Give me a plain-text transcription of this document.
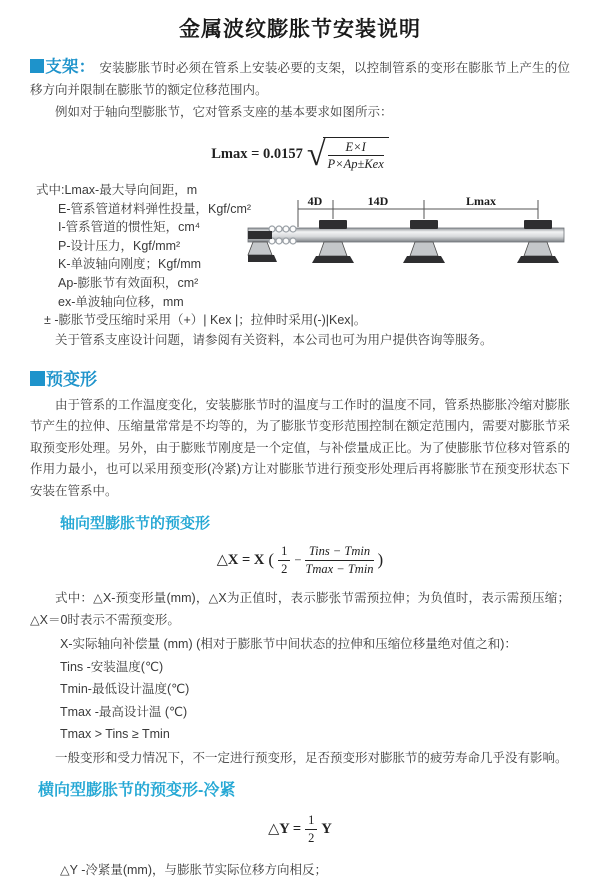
金属波纹膨胀节安装说明

支架： 安装膨胀节时必须在管系上安装必要的支架，以控制管系的变形在膨胀节上产生的位移方向并限制在膨胀节的额定位移范围内。

例如对于轴向型膨胀节，它对管系支座的基本要求如图所示：

Lmax = 0.0157 √ $\frac{E\times I}{\text{P×Ap±Kex}}$
式中:Lmax-最大导向间距，m
E-管系管道材料弹性投量，Kgf/cm²
I-管系管道的惯性矩，cm⁴
P-设计压力，Kgf/mm²
K-单波轴向刚度；Kgf/mm
Ap-膨胀节有效面积，cm²
ex-单波轴向位移，mm
± -膨胀节受压缩时采用（+）| Kex |；拉伸时采用(-)|Kex|。

关于管系支座设计问题，请参阅有关资料，本公司也可为用户提供咨询等服务。

预变形

由于管系的工作温度变化，安装膨胀节时的温度与工作时的温度不同，管系热膨胀冷缩对膨胀节产生的拉伸、压缩量常常是不均等的，为了膨胀节变形范围控制在额定范围内，需要对膨胀节采取预变形处理。另外，由于膨账节刚度是一个定值，与补偿量成正比。为了使膨胀节位移对管系的作用力最小，也可以采用预变形(冷紧)方让对膨胀节进行预变形处理后再将膨胀节在预变形状态下安装在管系中。

轴向型膨胀节的预变形
△X = X ( $\frac{1}{2} - \frac{\text{Tins − Tmin}}{Tmax - Tmin}$ )

式中：△X-预变形量(mm)，△X为正值时，表示膨张节需预拉伸；为负值时，表示需预压缩；△X＝0时表示不需预变形。

X-实际轴向补偿量 (mm) (相对于膨胀节中间状态的拉伸和压缩位移量绝对值之和)：
Tins -安装温度(℃)
Tmin-最低设计温度(℃)
Tmax -最高设计温 (℃)
Tmax > Tins ≥ Tmin
一般变形和受力情况下，不一定进行预变形，足否预变形对膨胀节的疲劳寿命几乎没有影响。
横向型膨胀节的预变形-冷紧
△Y = $\frac{1}{2}$ Y

△Y -冷紧量(mm)，与膨胀节实际位移方向相反；

4D	14D	Lmax
